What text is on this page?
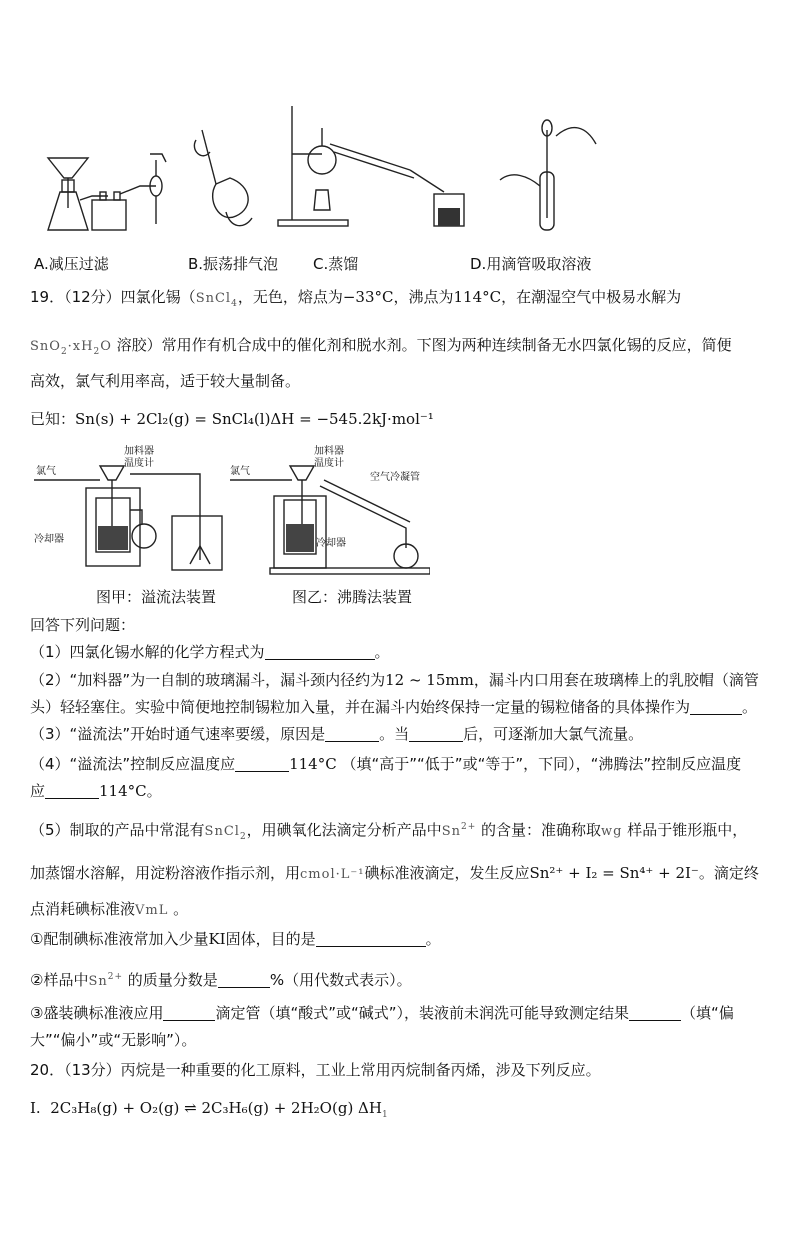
A.减压过滤	B.振荡排气泡 C.蒸馏	D.用滴管吸取溶液
19．（12分）四氯化锡（SnCl$_4$，无色，熔点为−33°C，沸点为114°C，在潮湿空气中极易水解为
$SnO_2\cdot xH_2O$ 溶胶）常用作有机合成中的催化剂和脱水剂。下图为两种连续制备无水四氯化锡的反应，简便
高效，氯气利用率高，适于较大量制备。
已知：Sn(s) + 2Cl₂(g) = SnCl₄(l)ΔH = −545.2kJ·mol⁻¹
氯气
加料器
温度计
冷却器
氯气
加料器
温度计
空气冷凝管
冷却器
图甲：溢流法装置	图乙：沸腾法装置
回答下列问题：
（1）四氯化锡水解的化学方程式为	。
（2）“加料器”为一自制的玻璃漏斗，漏斗颈内径约为12 ~ 15mm，漏斗内口用套在玻璃棒上的乳胶帽（滴管
头）轻轻塞住。实验中简便地控制锡粒加入量，并在漏斗内始终保持一定量的锡粒储备的具体操作为	。
（3）“溢流法”开始时通气速率要缓，原因是	。当	后，可逐渐加大氯气流量。
（4）“溢流法”控制反应温度应	114°C （填“高于”“低于”或“等于”，下同），“沸腾法”控制反应温度
应	114°C。
（5）制取的产品中常混有SnCl$_2$，用碘氧化法滴定分析产品中$Sn^{2+}$ 的含量：准确称取wg 样品于锥形瓶中，
加蒸馏水溶解，用淀粉溶液作指示剂，用cmol·L⁻¹碘标准液滴定，发生反应Sn²⁺ + I₂ = Sn⁴⁺ + 2I⁻。滴定终
点消耗碘标准液VmL 。
①配制碘标准液常加入少量KI固体，目的是	。
②样品中$Sn^{2+}$ 的质量分数是	%（用代数式表示）。
③盛装碘标准液应用	滴定管（填“酸式”或“碱式”），装液前未润洗可能导致测定结果	（填“偏
大”“偏小”或“无影响”）。
20．（13分）丙烷是一种重要的化工原料，工业上常用丙烷制备丙烯，涉及下列反应。
I. 2C₃H₈(g) + O₂(g) ⇌ 2C₃H₆(g) + 2H₂O(g) $\Delta H_1$
